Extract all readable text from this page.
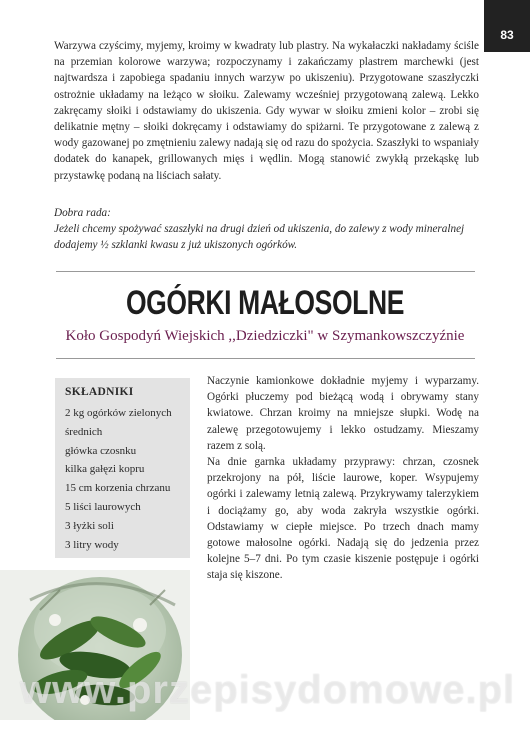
83

Warzywa czyścimy, myjemy, kroimy w kwadraty lub plastry. Na wykałaczki nakładamy ściśle na przemian kolorowe warzywa; rozpoczynamy i zakańczamy plastrem marchewki (jest najtwardsza i zapobiega spadaniu innych warzyw po ukiszeniu). Przygotowane szaszłyczki ostrożnie układamy na leżąco w słoiku. Zalewamy wcześniej przygotowaną zalewą. Lekko zakręcamy słoiki i odstawiamy do ukiszenia. Gdy wywar w słoiku zmieni kolor – zrobi się delikatnie mętny – słoiki dokręcamy i odstawiamy do spiżarni. Te przygotowane z zalewą z wody gazowanej po zmętnieniu zalewy nadają się od razu do spożycia. Szaszłyki to wspaniały dodatek do kanapek, grillowanych mięs i wędlin. Mogą stanowić zwykłą przekąskę lub przystawkę podaną na liściach sałaty.

Dobra rada:

Jeżeli chcemy spożywać szaszłyki na drugi dzień od ukiszenia, do zalewy z wody mineralnej dodajemy ½ szklanki kwasu z już ukiszonych ogórków.

OGÓRKI MAŁOSOLNE

Koło Gospodyń Wiejskich ,,Dziedziczki" w Szymankowszczyźnie

SKŁADNIKI
2 kg ogórków zielonych
średnich
główka czosnku
kilka gałęzi kopru
15 cm korzenia chrzanu
5 liści laurowych
3 łyżki soli
3 litry wody

Naczynie kamionkowe dokładnie myjemy i wyparzamy. Ogórki płuczemy pod bieżącą wodą i obrywamy stany kwiatowe. Chrzan kroimy na mniejsze słupki. Wodę na zalewę przegotowujemy i lekko ostudzamy. Mieszamy razem z solą.

Na dnie garnka układamy przyprawy: chrzan, czosnek przekrojony na pół, liście laurowe, koper. Wsypujemy ogórki i zalewamy letnią zalewą. Przykrywamy talerzykiem i dociążamy go, aby woda zakryła wszystkie ogórki. Odstawiamy w ciepłe miejsce. Po trzech dnach mamy gotowe małosolne ogórki. Nadają się do jedzenia przez kolejne 5–7 dni. Po tym czasie kiszenie postępuje i ogórki staja się kiszone.

www.przepisydomowe.pl
